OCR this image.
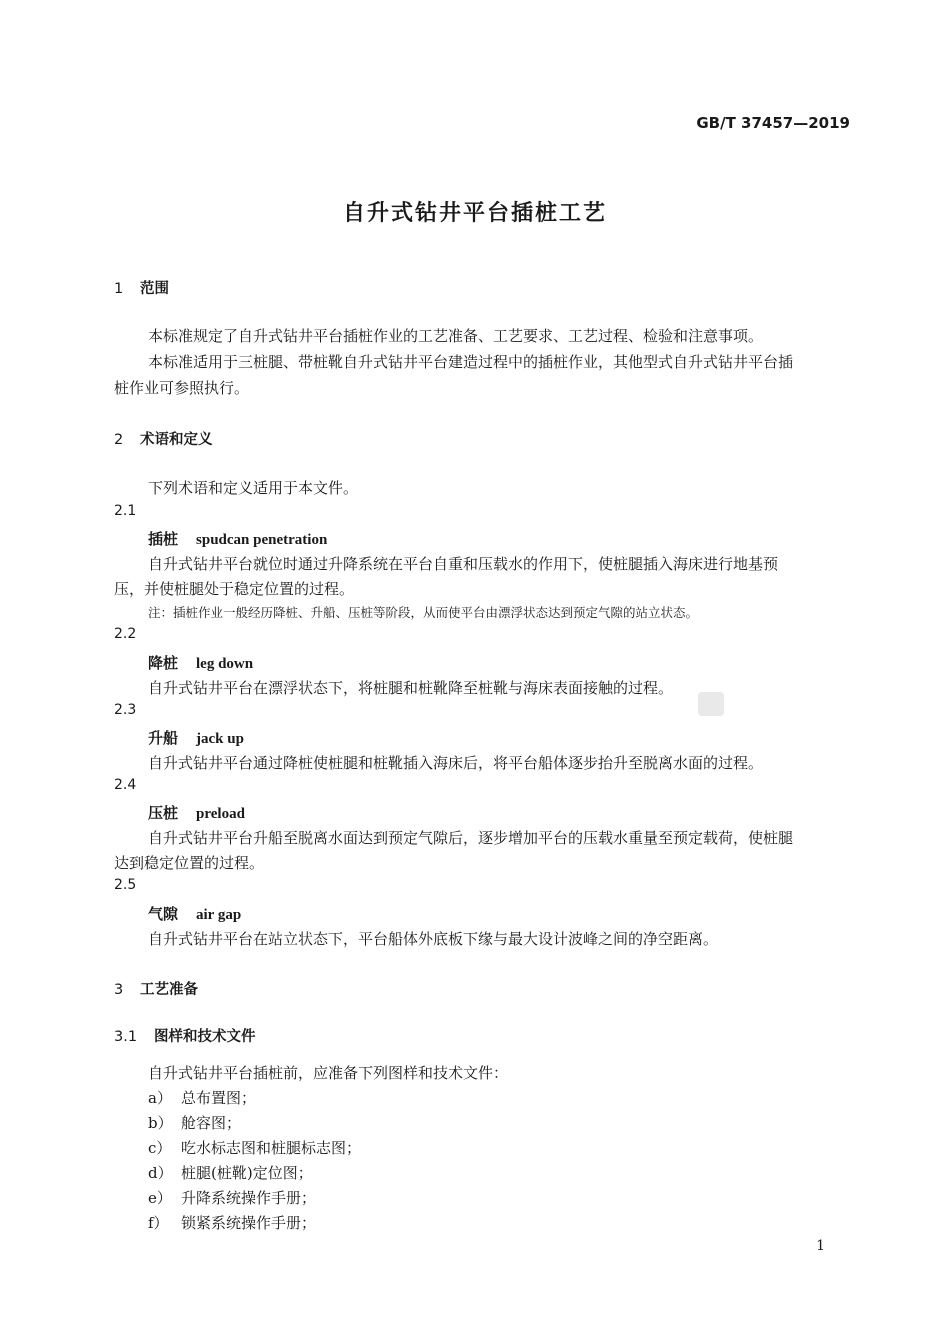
GB/T 37457—2019
自升式钻井平台插桩工艺
1 范围
本标准规定了自升式钻井平台插桩作业的工艺准备、工艺要求、工艺过程、检验和注意事项。
本标准适用于三桩腿、带桩靴自升式钻井平台建造过程中的插桩作业，其他型式自升式钻井平台插
桩作业可参照执行。
2 术语和定义
下列术语和定义适用于本文件。
2.1
插桩 spudcan penetration
自升式钻井平台就位时通过升降系统在平台自重和压载水的作用下，使桩腿插入海床进行地基预
压，并使桩腿处于稳定位置的过程。
注：插桩作业一般经历降桩、升船、压桩等阶段，从而使平台由漂浮状态达到预定气隙的站立状态。
2.2
降桩 leg down
自升式钻井平台在漂浮状态下，将桩腿和桩靴降至桩靴与海床表面接触的过程。
2.3
升船 jack up
自升式钻井平台通过降桩使桩腿和桩靴插入海床后，将平台船体逐步抬升至脱离水面的过程。
2.4
压桩 preload
自升式钻井平台升船至脱离水面达到预定气隙后，逐步增加平台的压载水重量至预定载荷，使桩腿
达到稳定位置的过程。
2.5
气隙 air gap
自升式钻井平台在站立状态下，平台船体外底板下缘与最大设计波峰之间的净空距离。
3 工艺准备
3.1 图样和技术文件
自升式钻井平台插桩前，应准备下列图样和技术文件：
a） 总布置图；
b） 舱容图；
c） 吃水标志图和桩腿标志图；
d） 桩腿(桩靴)定位图；
e） 升降系统操作手册；
f） 锁紧系统操作手册；
1
